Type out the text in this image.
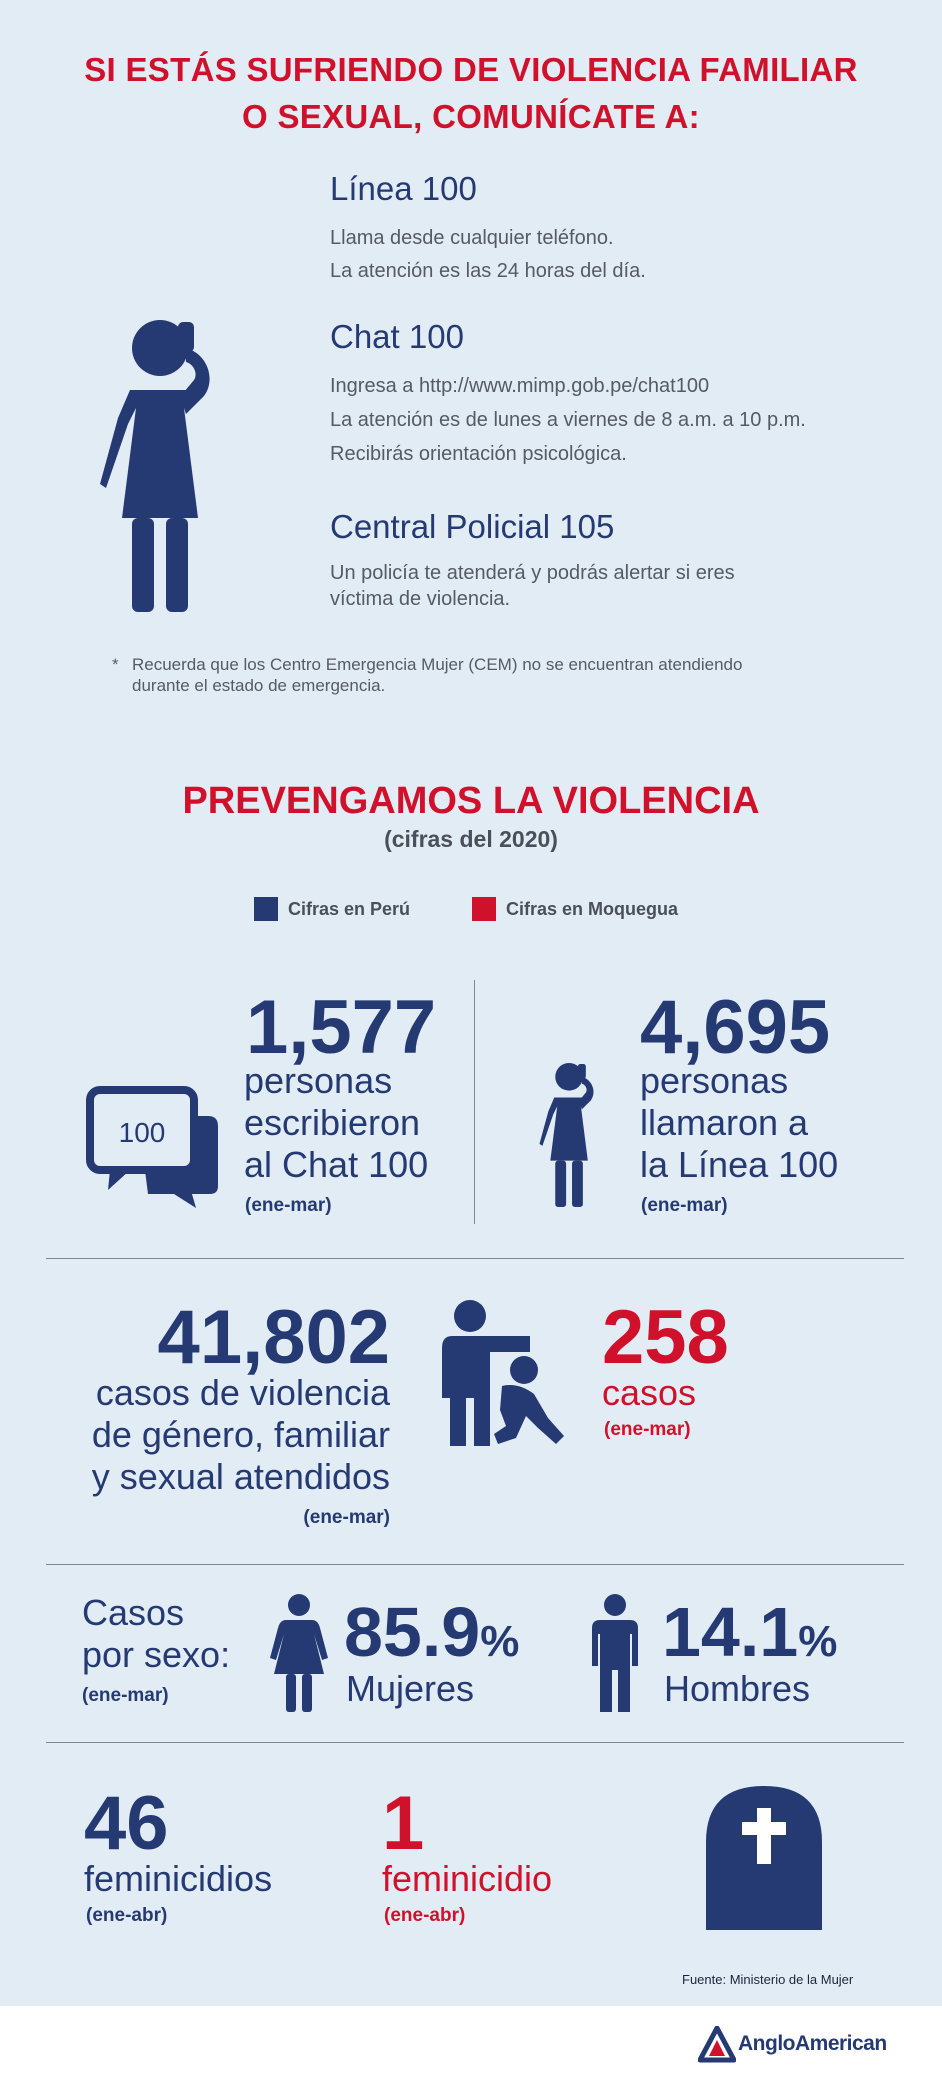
SI ESTÁS SUFRIENDO DE VIOLENCIA FAMILIAR
O SEXUAL, COMUNÍCATE A:
Línea 100
Llama desde cualquier teléfono.
La atención es las 24 horas del día.
Chat 100
Ingresa a http://www.mimp.gob.pe/chat100
La atención es de lunes a viernes de 8 a.m. a 10 p.m.
Recibirás orientación psicológica.
Central Policial 105
Un policía te atenderá y podrás alertar si eres
víctima de violencia.
* Recuerda que los Centro Emergencia Mujer (CEM) no se encuentran atendiendo
durante el estado de emergencia.
PREVENGAMOS LA VIOLENCIA
(cifras del 2020)
Cifras en Perú	Cifras en Moquegua
100
1,577
personas
escribieron
al Chat 100
(ene-mar)
4,695
personas
llamaron a
la Línea 100
(ene-mar)
41,802
casos de violencia
de género, familiar
y sexual atendidos
(ene-mar)
258
casos
(ene-mar)
Casos
por sexo:
(ene-mar)
85.9%
Mujeres
14.1%
Hombres
46
feminicidios
(ene-abr)
1
feminicidio
(ene-abr)
Fuente: Ministerio de la Mujer
AngloAmerican
